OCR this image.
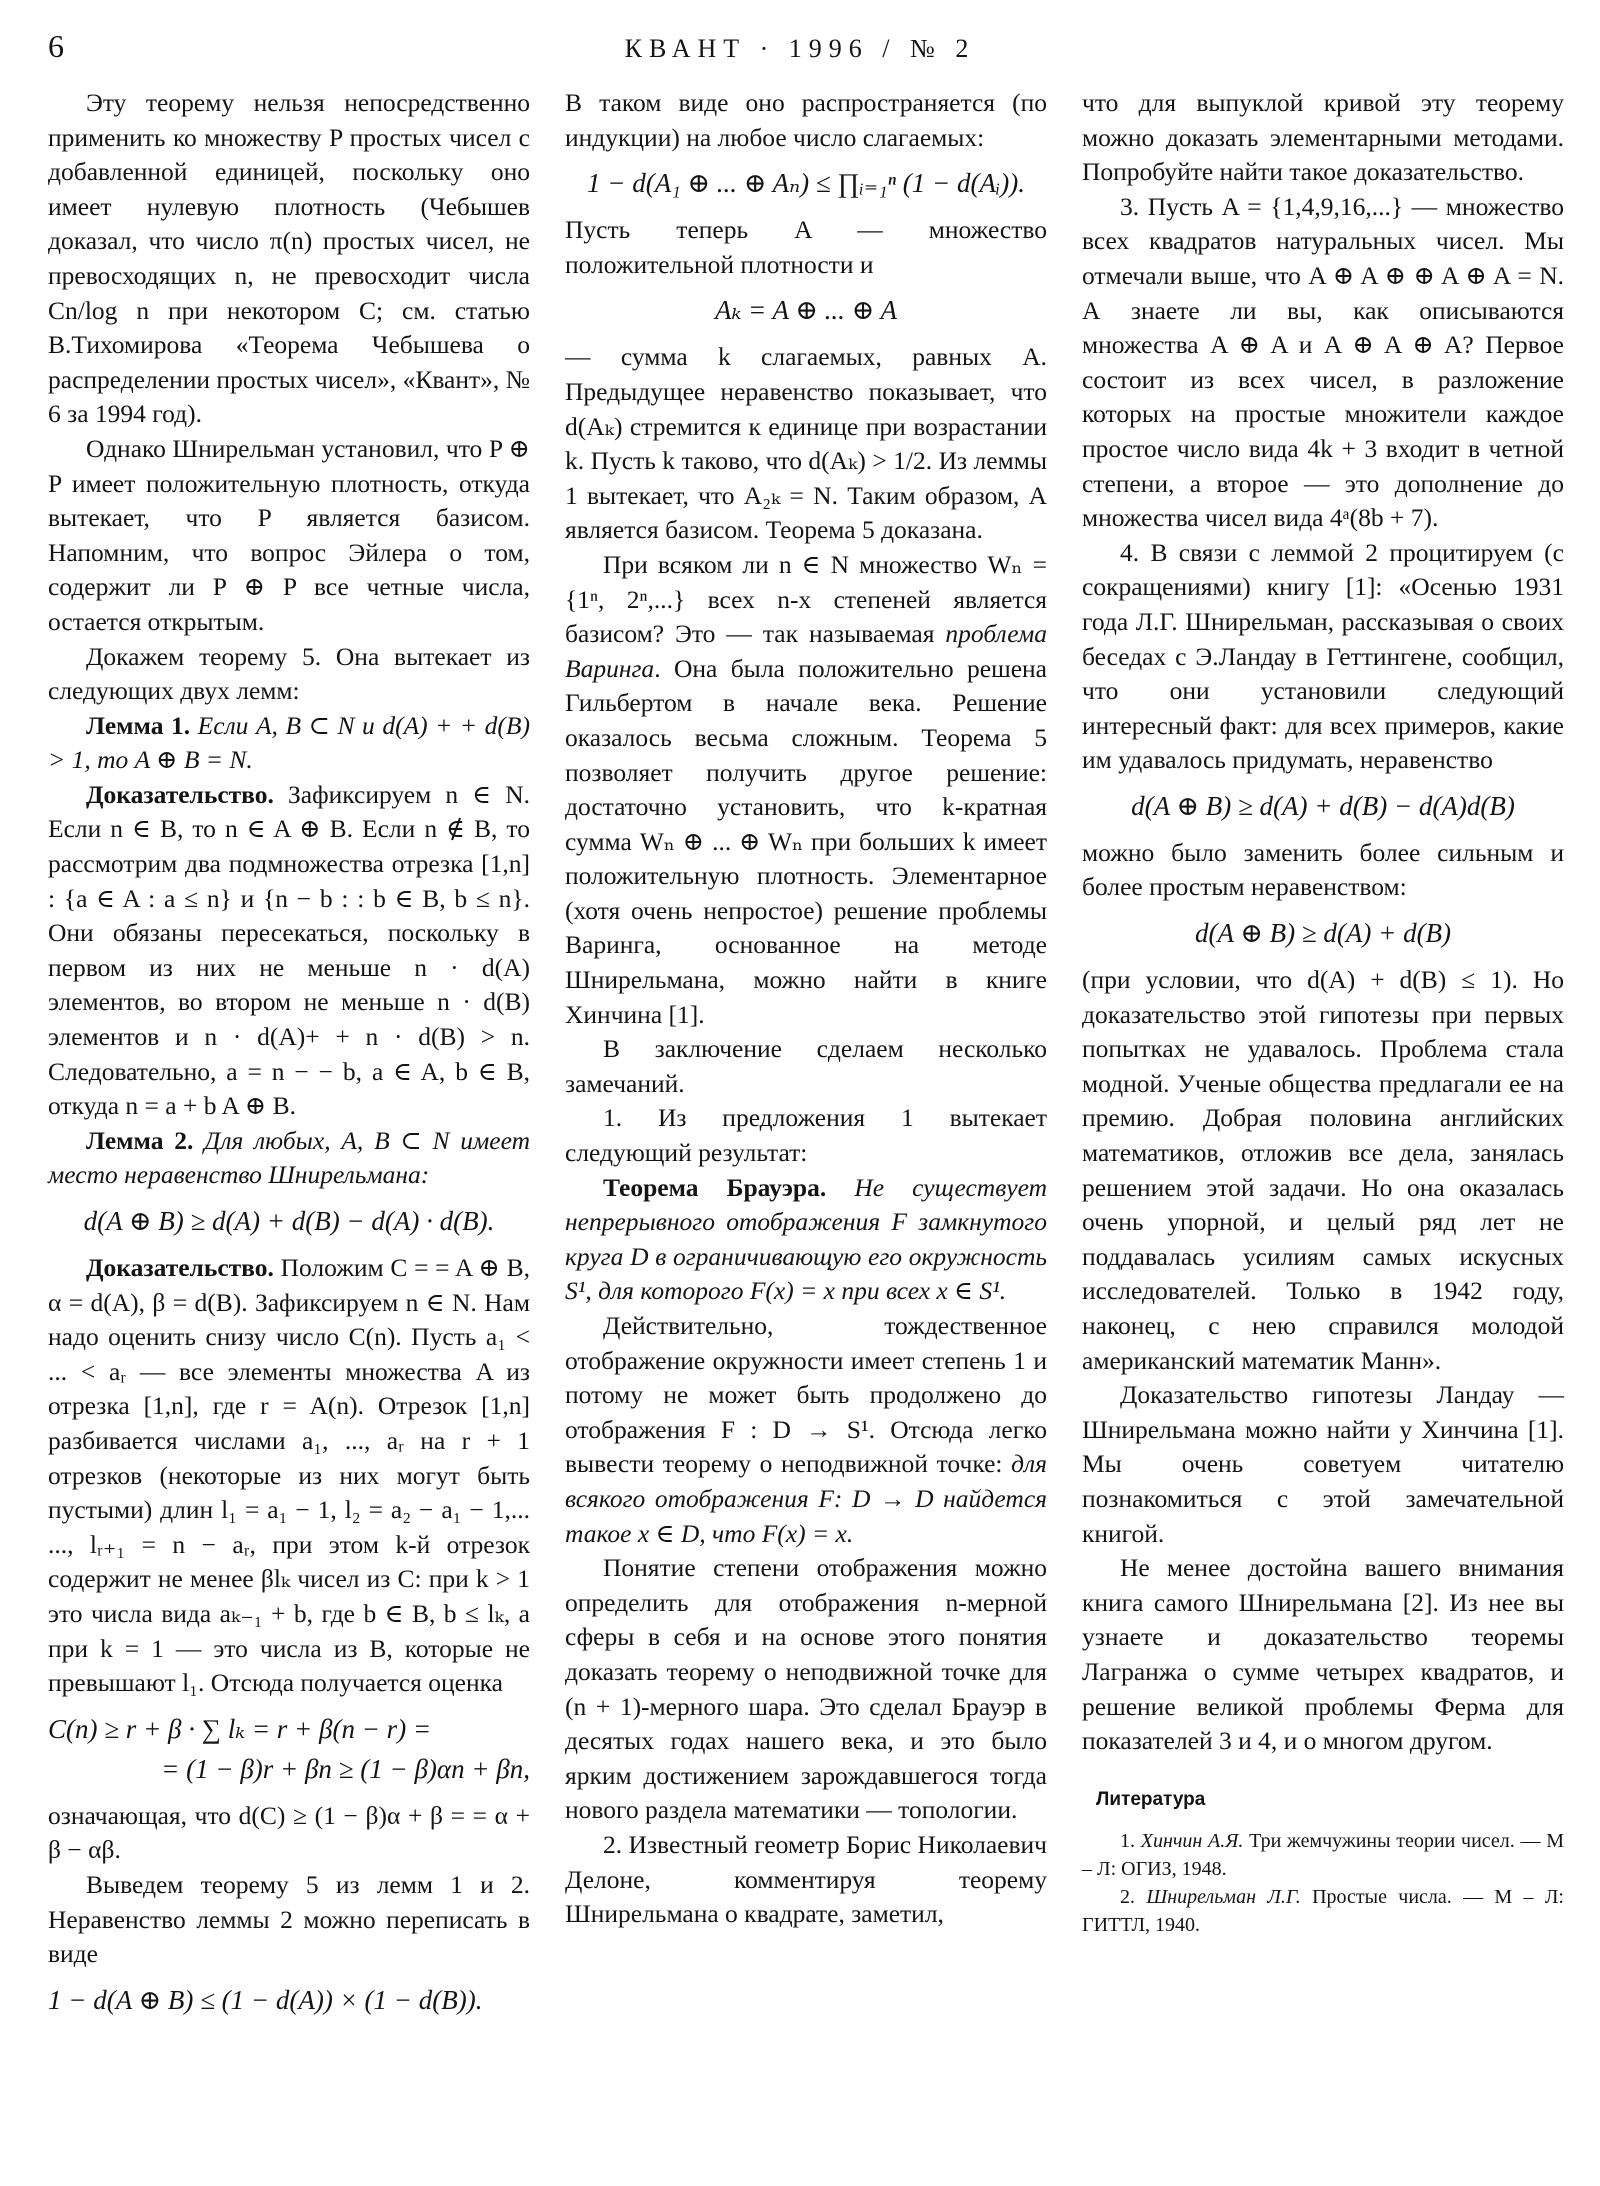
6	КВАНТ · 1996 / № 2

Эту теорему нельзя непосредственно применить ко множеству P простых чисел с добавленной единицей, поскольку оно имеет нулевую плотность (Чебышев доказал, что число π(n) простых чисел, не превосходящих n, не превосходит числа Cn/log n при некотором C; см. статью В.Тихомирова «Теорема Чебышева о распределении простых чисел», «Квант», № 6 за 1994 год).

Однако Шнирельман установил, что P ⊕ P имеет положительную плотность, откуда вытекает, что P является базисом. Напомним, что вопрос Эйлера о том, содержит ли P ⊕ P все четные числа, остается открытым.

Докажем теорему 5. Она вытекает из следующих двух лемм:

Лемма 1. Если A, B ⊂ N и d(A) + + d(B) > 1, то A ⊕ B = N.

Доказательство. Зафиксируем n ∈ N. Если n ∈ B, то n ∈ A ⊕ B. Если n ∉ B, то рассмотрим два подмножества отрезка [1,n] : {a ∈ A : a ≤ n} и {n − b : : b ∈ B, b ≤ n}. Они обязаны пересекаться, поскольку в первом из них не меньше n · d(A) элементов, во втором не меньше n · d(B) элементов и n · d(A)+ + n · d(B) > n. Следовательно, a = n − − b, a ∈ A, b ∈ B, откуда n = a + b A ⊕ B.

Лемма 2. Для любых, A, B ⊂ N имеет место неравенство Шнирельмана:

d(A ⊕ B) ≥ d(A) + d(B) − d(A) · d(B).

Доказательство. Положим C = = A ⊕ B, α = d(A), β = d(B). Зафиксируем n ∈ N. Нам надо оценить снизу число C(n). Пусть a₁ < ... < aᵣ — все элементы множества A из отрезка [1,n], где r = A(n). Отрезок [1,n] разбивается числами a₁, ..., aᵣ на r + 1 отрезков (некоторые из них могут быть пустыми) длин l₁ = a₁ − 1, l₂ = a₂ − a₁ − 1,... ..., lᵣ₊₁ = n − aᵣ, при этом k-й отрезок содержит не менее βlₖ чисел из C: при k > 1 это числа вида aₖ₋₁ + b, где b ∈ B, b ≤ lₖ, а при k = 1 — это числа из B, которые не превышают l₁. Отсюда получается оценка

C(n) ≥ r + β · ∑ lₖ = r + β(n − r) =
= (1 − β)r + βn ≥ (1 − β)αn + βn,

означающая, что d(C) ≥ (1 − β)α + β = = α + β − αβ.

Выведем теорему 5 из лемм 1 и 2. Неравенство леммы 2 можно переписать в виде

1 − d(A ⊕ B) ≤ (1 − d(A)) × (1 − d(B)).

В таком виде оно распространяется (по индукции) на любое число слагаемых:

1 − d(A₁ ⊕ ... ⊕ Aₙ) ≤ ∏ᵢ₌₁ⁿ (1 − d(Aᵢ)).

Пусть теперь A — множество положительной плотности и

Aₖ = A ⊕ ... ⊕ A

— сумма k слагаемых, равных A. Предыдущее неравенство показывает, что d(Aₖ) стремится к единице при возрастании k. Пусть k таково, что d(Aₖ) > 1/2. Из леммы 1 вытекает, что A₂ₖ = N. Таким образом, A является базисом. Теорема 5 доказана.

При всяком ли n ∈ N множество Wₙ = {1ⁿ, 2ⁿ,...} всех n-х степеней является базисом? Это — так называемая проблема Варинга. Она была положительно решена Гильбертом в начале века. Решение оказалось весьма сложным. Теорема 5 позволяет получить другое решение: достаточно установить, что k-кратная сумма Wₙ ⊕ ... ⊕ Wₙ при больших k имеет положительную плотность. Элементарное (хотя очень непростое) решение проблемы Варинга, основанное на методе Шнирельмана, можно найти в книге Хинчина [1].

В заключение сделаем несколько замечаний.

1. Из предложения 1 вытекает следующий результат:

Теорема Брауэра. Не существует непрерывного отображения F замкнутого круга D в ограничивающую его окружность S¹, для которого F(x) = x при всех x ∈ S¹.

Действительно, тождественное отображение окружности имеет степень 1 и потому не может быть продолжено до отображения F : D → S¹. Отсюда легко вывести теорему о неподвижной точке: для всякого отображения F: D → D найдется такое x ∈ D, что F(x) = x.

Понятие степени отображения можно определить для отображения n-мерной сферы в себя и на основе этого понятия доказать теорему о неподвижной точке для (n + 1)-мерного шара. Это сделал Брауэр в десятых годах нашего века, и это было ярким достижением зарождавшегося тогда нового раздела математики — топологии.

2. Известный геометр Борис Николаевич Делоне, комментируя теорему Шнирельмана о квадрате, заметил,

что для выпуклой кривой эту теорему можно доказать элементарными методами. Попробуйте найти такое доказательство.

3. Пусть A = {1,4,9,16,...} — множество всех квадратов натуральных чисел. Мы отмечали выше, что A ⊕ A ⊕ ⊕ A ⊕ A = N. А знаете ли вы, как описываются множества A ⊕ A и A ⊕ A ⊕ A? Первое состоит из всех чисел, в разложение которых на простые множители каждое простое число вида 4k + 3 входит в четной степени, а второе — это дополнение до множества чисел вида 4ᵃ(8b + 7).

4. В связи с леммой 2 процитируем (с сокращениями) книгу [1]: «Осенью 1931 года Л.Г. Шнирельман, рассказывая о своих беседах с Э.Ландау в Геттингене, сообщил, что они установили следующий интересный факт: для всех примеров, какие им удавалось придумать, неравенство

d(A ⊕ B) ≥ d(A) + d(B) − d(A)d(B)

можно было заменить более сильным и более простым неравенством:

d(A ⊕ B) ≥ d(A) + d(B)

(при условии, что d(A) + d(B) ≤ 1). Но доказательство этой гипотезы при первых попытках не удавалось. Проблема стала модной. Ученые общества предлагали ее на премию. Добрая половина английских математиков, отложив все дела, занялась решением этой задачи. Но она оказалась очень упорной, и целый ряд лет не поддавалась усилиям самых искусных исследователей. Только в 1942 году, наконец, с нею справился молодой американский математик Манн».

Доказательство гипотезы Ландау — Шнирельмана можно найти у Хинчина [1]. Мы очень советуем читателю познакомиться с этой замечательной книгой.

Не менее достойна вашего внимания книга самого Шнирельмана [2]. Из нее вы узнаете и доказательство теоремы Лагранжа о сумме четырех квадратов, и решение великой проблемы Ферма для показателей 3 и 4, и о многом другом.

Литература

1. Хинчин А.Я. Три жемчужины теории чисел. — М – Л: ОГИЗ, 1948.

2. Шнирельман Л.Г. Простые числа. — М – Л: ГИТТЛ, 1940.
